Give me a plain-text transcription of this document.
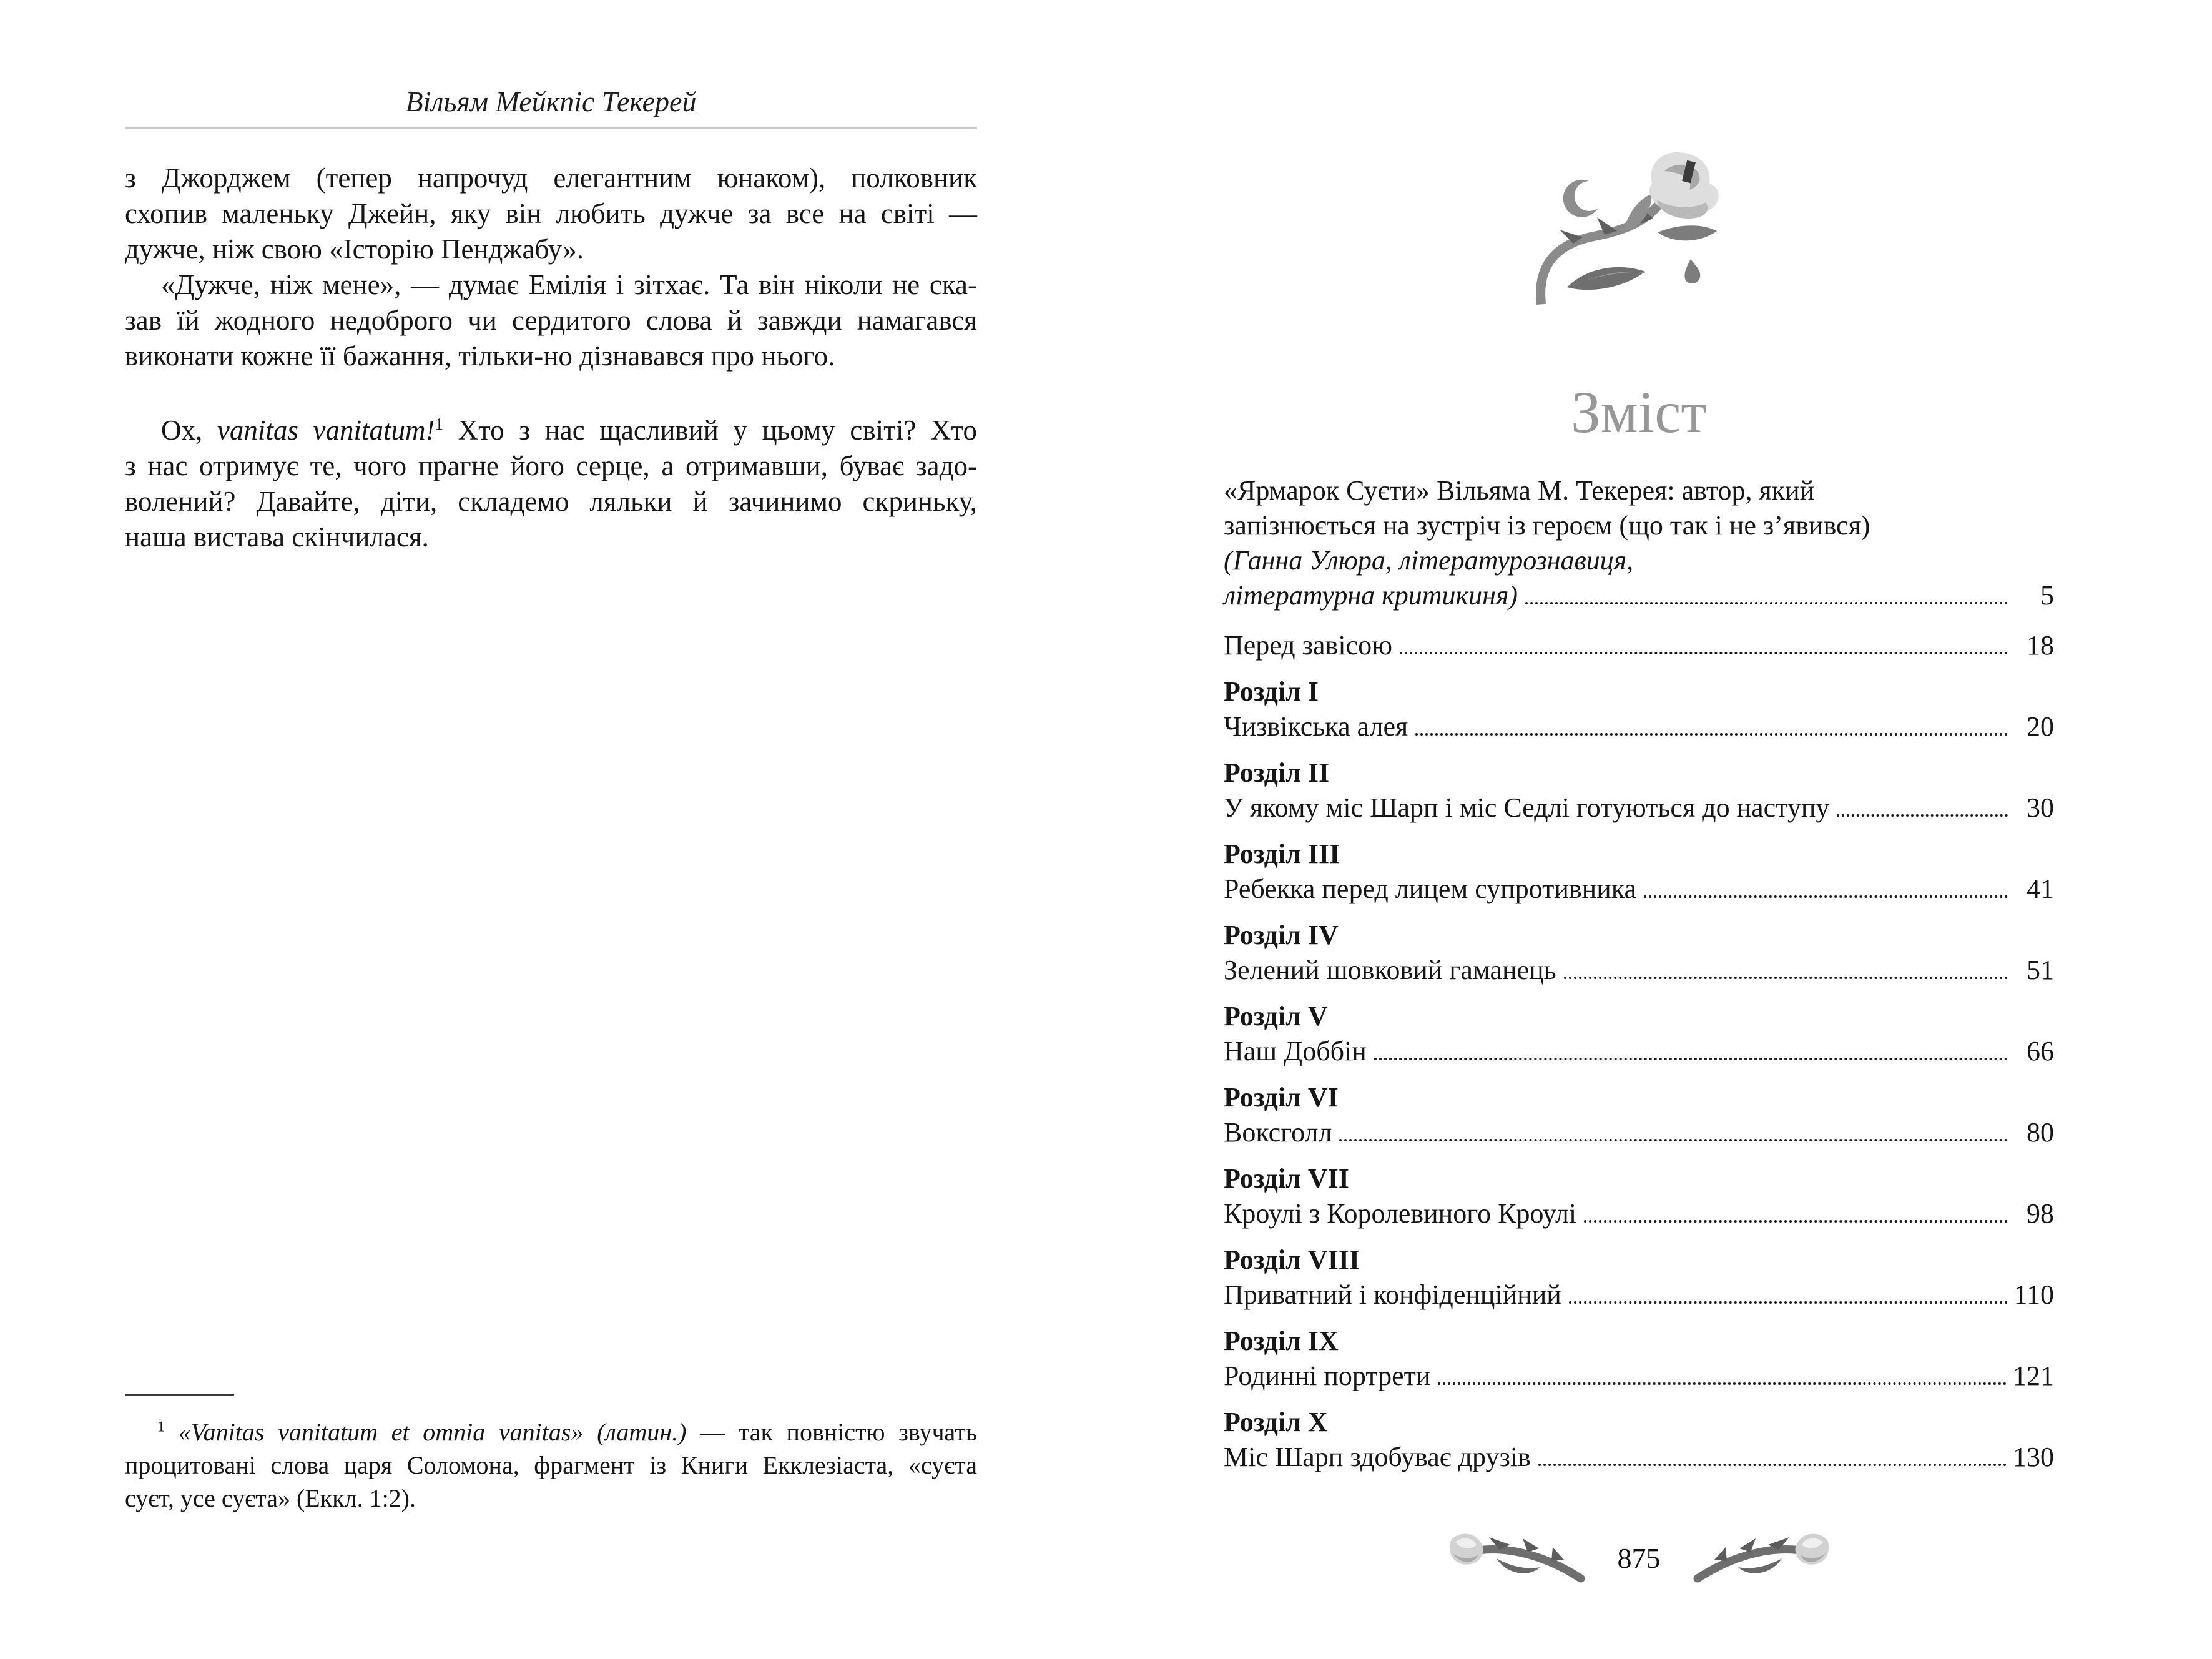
Вільям Мейкпіс Текерей
з Джорджем (тепер напрочуд елегантним юнаком), полковник
схопив маленьку Джейн, яку він любить дужче за все на світі —
дужче, ніж свою «Історію Пенджабу».
«Дужче, ніж мене», — думає Емілія і зітхає. Та він ніколи не ска-
зав їй жодного недоброго чи сердитого слова й завжди намагався
виконати кожне її бажання, тільки-но дізнавався про нього.
Ох, vanitas vanitatum!$^1$ Хто з нас щасливий у цьому світі? Хто
з нас отримує те, чого прагне його серце, а отримавши, буває задо-
волений? Давайте, діти, складемо ляльки й зачинимо скриньку,
наша вистава скінчилася.
$^1$ «Vanitas vanitatum et omnia vanitas» (латин.) — так повністю звучать
процитовані слова царя Соломона, фрагмент із Книги Екклезіаста, «суєта
суєт, усе суєта» (Еккл. 1:2).
Зміст
«Ярмарок Суєти» Вільяма М. Текерея: автор, який
запізнюється на зустріч із героєм (що так і не з’явився)
(Ганна Улюра, літературознавиця,
літературна критикиня)	5
Перед завісою	18
Розділ I
Чизвікська алея	20
Розділ II
У якому міс Шарп і міс Седлі готуються до наступу	30
Розділ III
Ребекка перед лицем супротивника	41
Розділ IV
Зелений шовковий гаманець	51
Розділ V
Наш Доббін	66
Розділ VI
Воксголл	80
Розділ VII
Кроулі з Королевиного Кроулі	98
Розділ VIII
Приватний і конфіденційний	110
Розділ IX
Родинні портрети	121
Розділ X
Міс Шарп здобуває друзів	130
875
